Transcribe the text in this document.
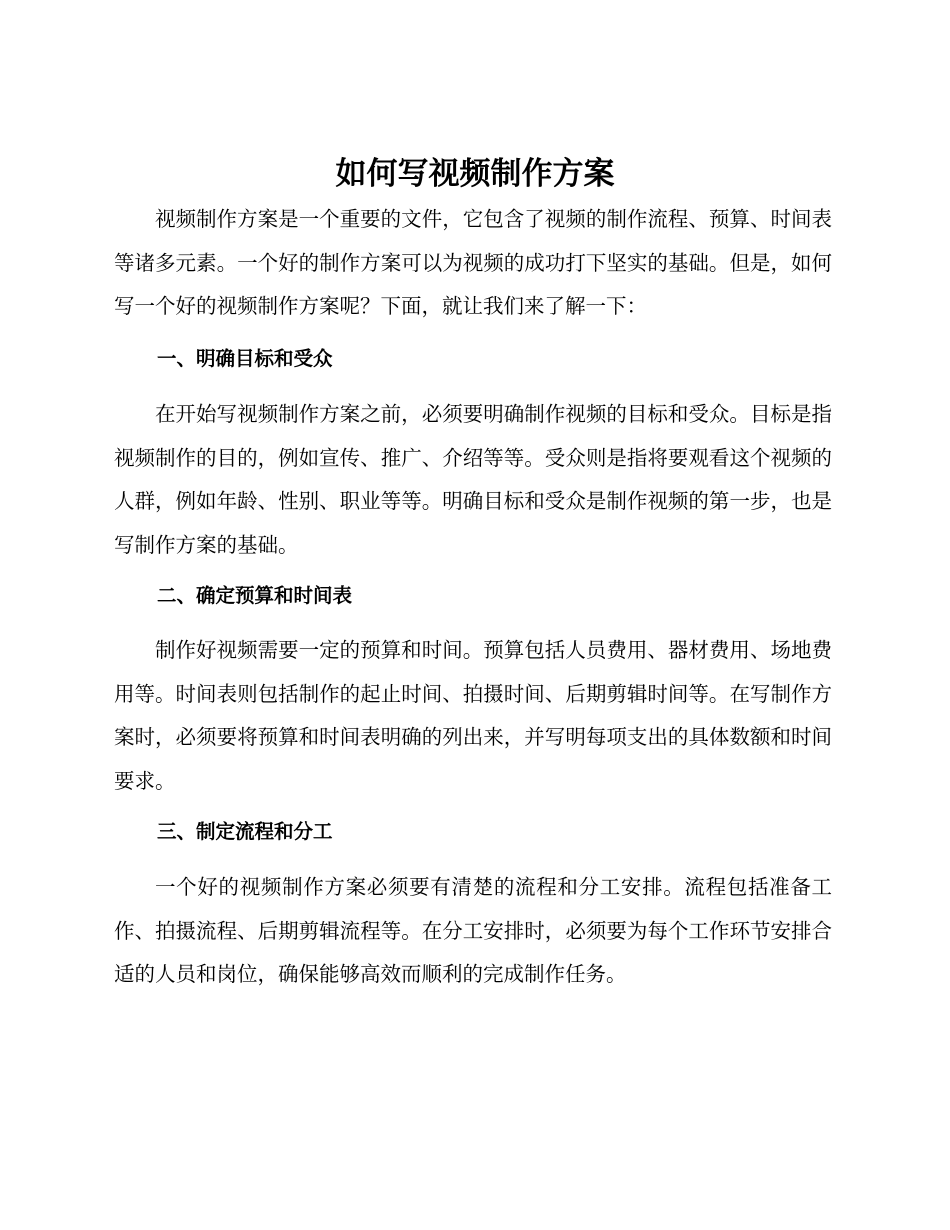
如何写视频制作方案

视频制作方案是一个重要的文件，它包含了视频的制作流程、预算、时间表等诸多元素。一个好的制作方案可以为视频的成功打下坚实的基础。但是，如何写一个好的视频制作方案呢？下面，就让我们来了解一下：

一、明确目标和受众

在开始写视频制作方案之前，必须要明确制作视频的目标和受众。目标是指视频制作的目的，例如宣传、推广、介绍等等。受众则是指将要观看这个视频的人群，例如年龄、性别、职业等等。明确目标和受众是制作视频的第一步，也是写制作方案的基础。

二、确定预算和时间表

制作好视频需要一定的预算和时间。预算包括人员费用、器材费用、场地费用等。时间表则包括制作的起止时间、拍摄时间、后期剪辑时间等。在写制作方案时，必须要将预算和时间表明确的列出来，并写明每项支出的具体数额和时间要求。

三、制定流程和分工

一个好的视频制作方案必须要有清楚的流程和分工安排。流程包括准备工作、拍摄流程、后期剪辑流程等。在分工安排时，必须要为每个工作环节安排合适的人员和岗位，确保能够高效而顺利的完成制作任务。
